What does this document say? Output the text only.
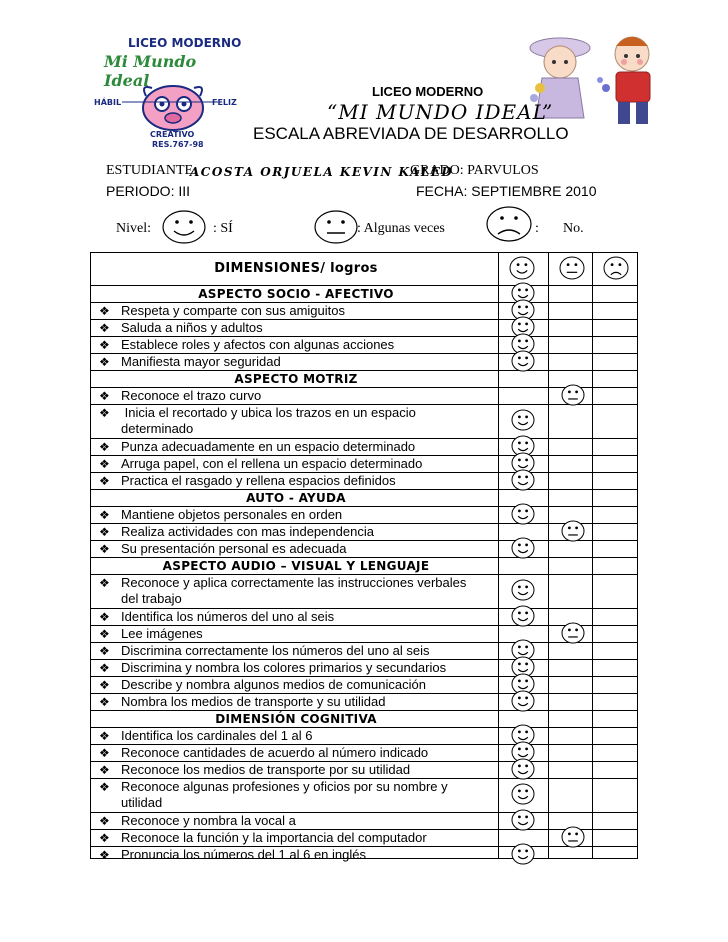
LICEO MODERNO
Mi Mundo Ideal
HÁBIL	FELIZ
CREATIVO
RES.767-98
LICEO MODERNO
“MI MUNDO IDEAL”
ESCALA ABREVIADA DE DESARROLLO
ESTUDIANTE:
ACOSTA ORJUELA KEVIN KALED
GRADO: PARVULOS
PERIODO: III	FECHA: SEPTIEMBRE 2010
Nivel:	: SÍ	: Algunas veces	: No.
DIMENSIONES/ logros
ASPECTO SOCIO - AFECTIVO
❖ Respeta y comparte con sus amiguitos
❖ Saluda a niños y adultos
❖ Establece roles y afectos con algunas acciones
❖ Manifiesta mayor seguridad
ASPECTO MOTRIZ
❖ Reconoce el trazo curvo
❖ Inicia el recortado y ubica los trazos en un espacio
determinado
❖ Punza adecuadamente en un espacio determinado
❖ Arruga papel, con el rellena un espacio determinado
❖ Practica el rasgado y rellena espacios definidos
AUTO - AYUDA
❖ Mantiene objetos personales en orden
❖ Realiza actividades con mas independencia
❖ Su presentación personal es adecuada
ASPECTO AUDIO – VISUAL Y LENGUAJE
❖ Reconoce y aplica correctamente las instrucciones verbales
del trabajo
❖ Identifica los números del uno al seis
❖ Lee imágenes
❖ Discrimina correctamente los números del uno al seis
❖ Discrimina y nombra los colores primarios y secundarios
❖ Describe y nombra algunos medios de comunicación
❖ Nombra los medios de transporte y su utilidad
DIMENSIÓN COGNITIVA
❖ Identifica los cardinales del 1 al 6
❖ Reconoce cantidades de acuerdo al número indicado
❖ Reconoce los medios de transporte por su utilidad
❖ Reconoce algunas profesiones y oficios por su nombre y
utilidad
❖ Reconoce y nombra la vocal a
❖ Reconoce la función y la importancia del computador
❖ Pronuncia los números del 1 al 6 en inglés
